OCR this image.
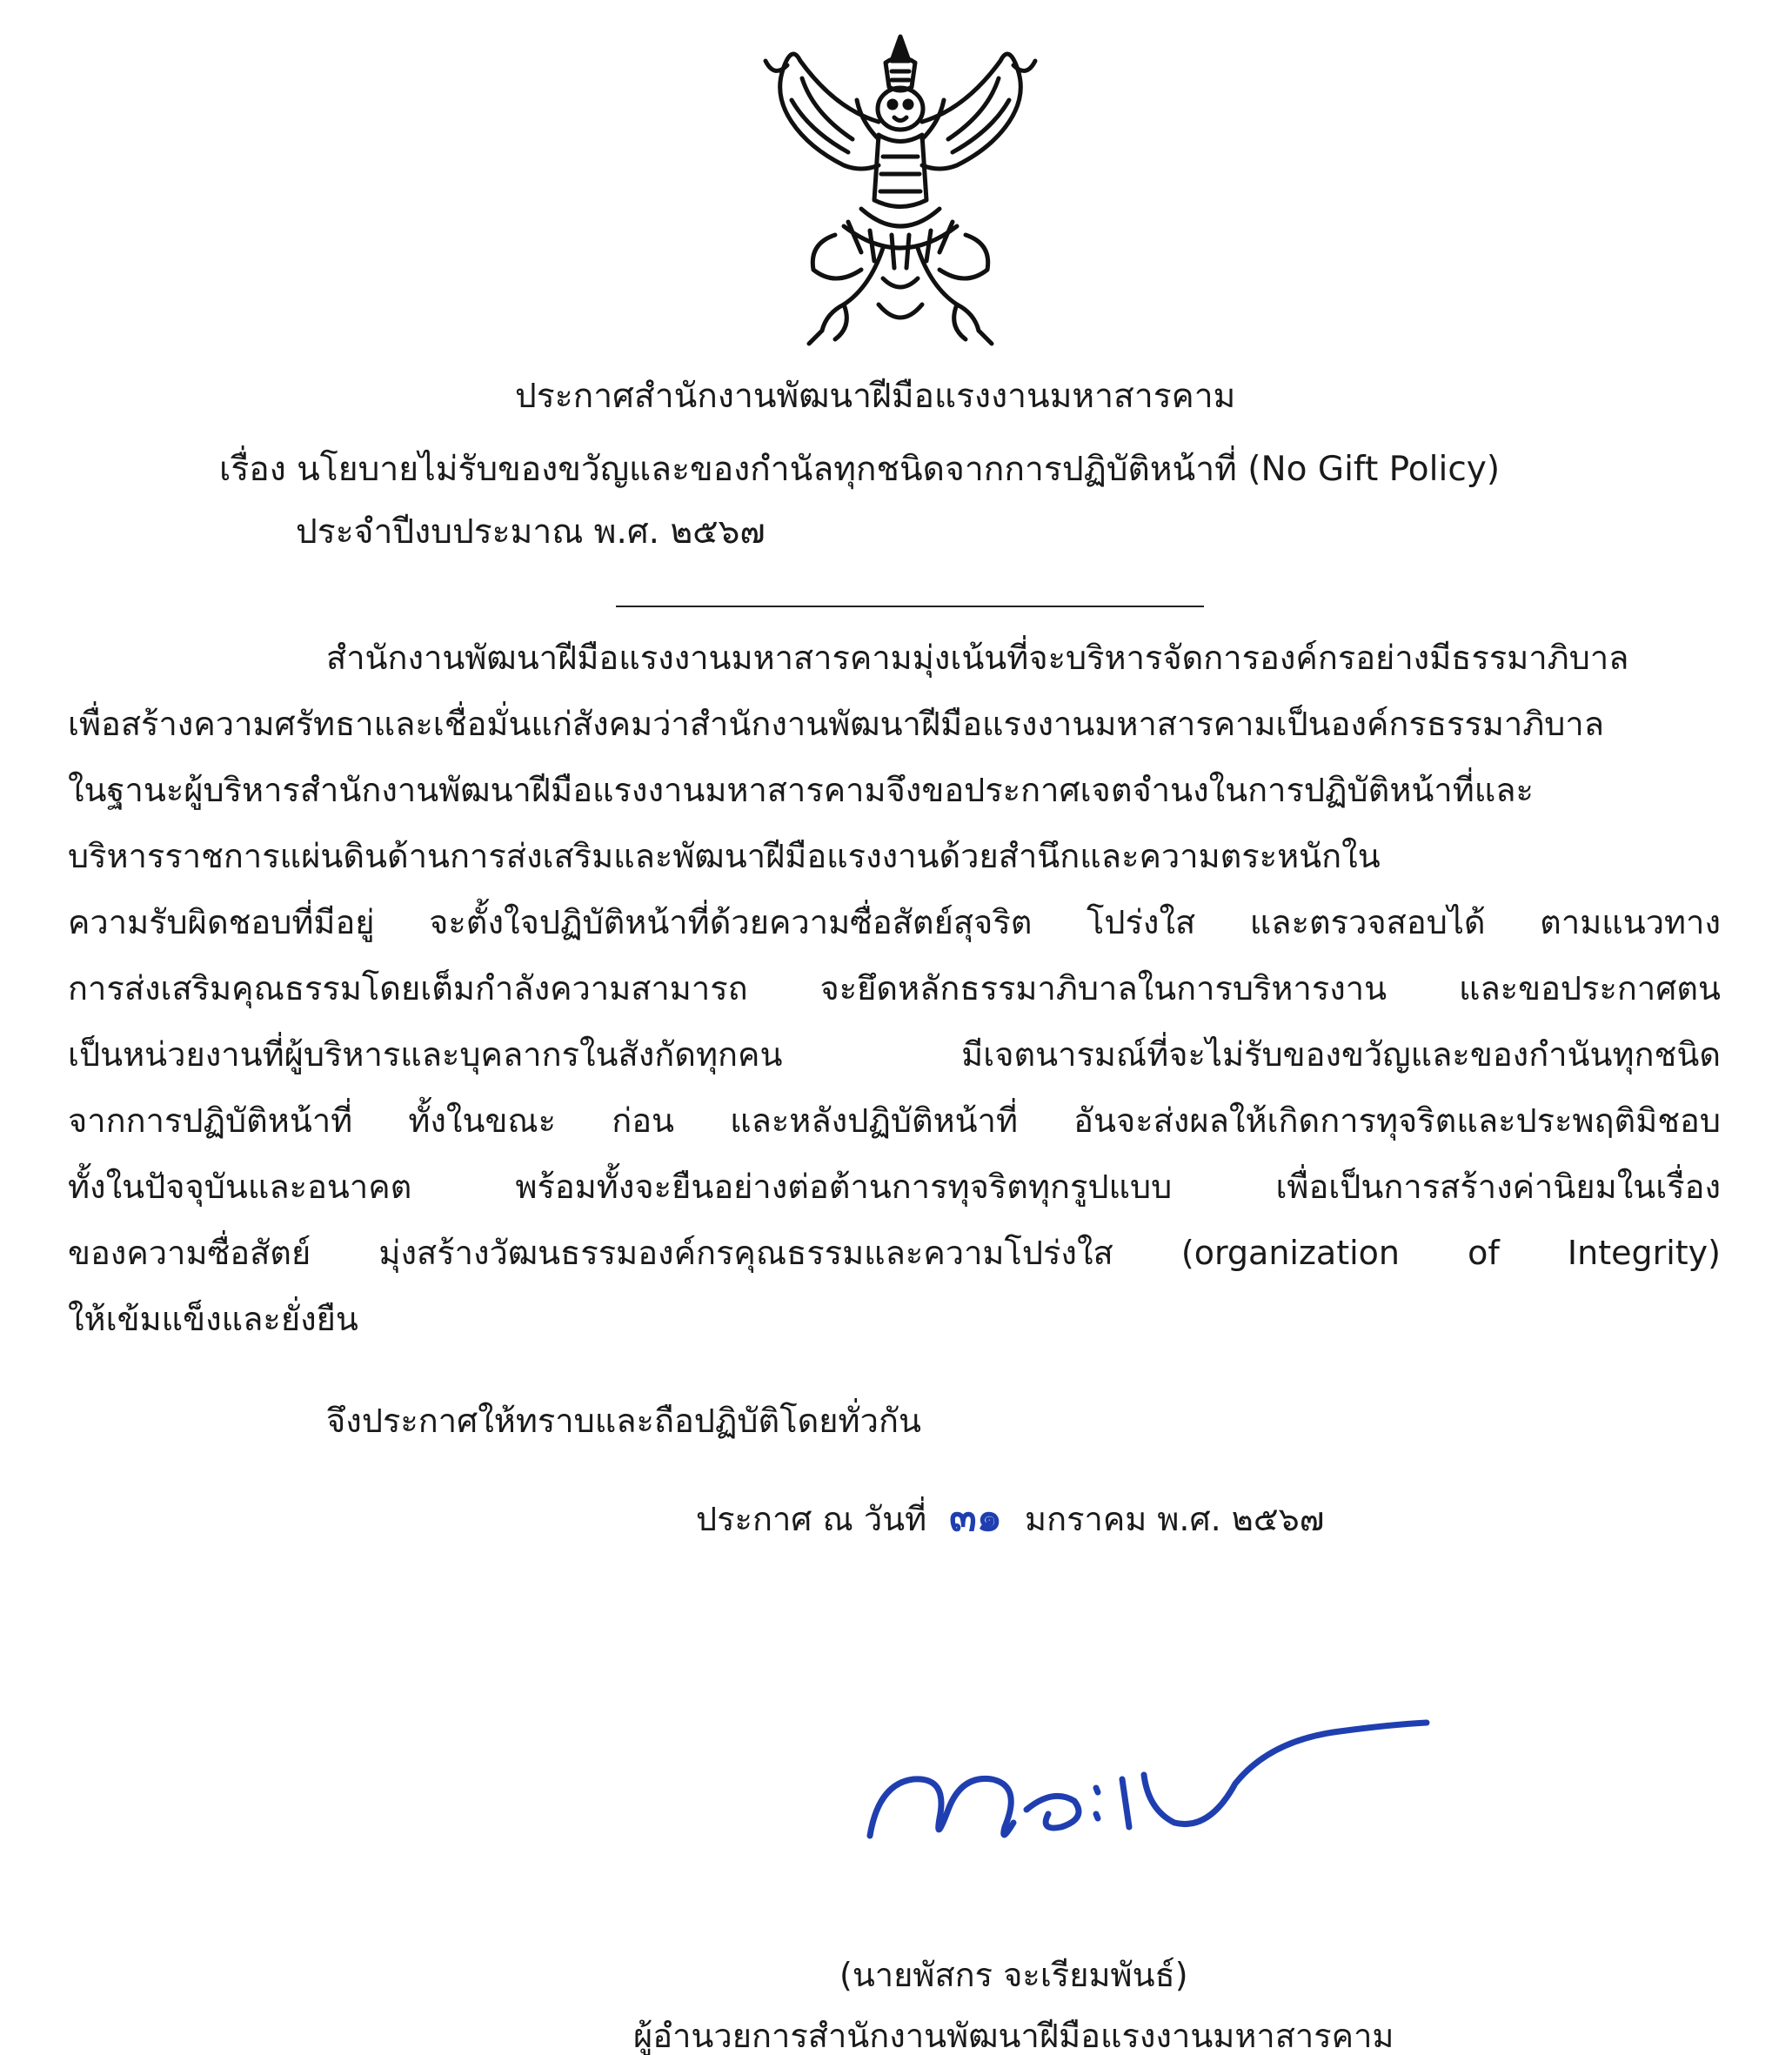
ประกาศสำนักงานพัฒนาฝีมือแรงงานมหาสารคาม
เรื่อง นโยบายไม่รับของขวัญและของกำนัลทุกชนิดจากการปฏิบัติหน้าที่ (No Gift Policy)
ประจำปีงบประมาณ พ.ศ. ๒๕๖๗
สำนักงานพัฒนาฝีมือแรงงานมหาสารคามมุ่งเน้นที่จะบริหารจัดการองค์กรอย่างมีธรรมาภิบาล
เพื่อสร้างความศรัทธาและเชื่อมั่นแก่สังคมว่าสำนักงานพัฒนาฝีมือแรงงานมหาสารคามเป็นองค์กรธรรมาภิบาล
ในฐานะผู้บริหารสำนักงานพัฒนาฝีมือแรงงานมหาสารคามจึงขอประกาศเจตจำนงในการปฏิบัติหน้าที่และ
บริหารราชการแผ่นดินด้านการส่งเสริมและพัฒนาฝีมือแรงงานด้วยสำนึกและความตระหนักใน
ความรับผิดชอบที่มีอยู่ จะตั้งใจปฏิบัติหน้าที่ด้วยความซื่อสัตย์สุจริต โปร่งใส และตรวจสอบได้ ตามแนวทาง
การส่งเสริมคุณธรรมโดยเต็มกำลังความสามารถ จะยึดหลักธรรมาภิบาลในการบริหารงาน และขอประกาศตน
เป็นหน่วยงานที่ผู้บริหารและบุคลากรในสังกัดทุกคน มีเจตนารมณ์ที่จะไม่รับของขวัญและของกำนันทุกชนิด
จากการปฏิบัติหน้าที่ ทั้งในขณะ ก่อน และหลังปฏิบัติหน้าที่ อันจะส่งผลให้เกิดการทุจริตและประพฤติมิชอบ
ทั้งในปัจจุบันและอนาคต พร้อมทั้งจะยืนอย่างต่อต้านการทุจริตทุกรูปแบบ เพื่อเป็นการสร้างค่านิยมในเรื่อง
ของความซื่อสัตย์ มุ่งสร้างวัฒนธรรมองค์กรคุณธรรมและความโปร่งใส (organization of Integrity)
ให้เข้มแข็งและยั่งยืน
จึงประกาศให้ทราบและถือปฏิบัติโดยทั่วกัน
ประกาศ ณ วันที่ ๓๑ มกราคม พ.ศ. ๒๕๖๗
(นายพัสกร จะเรียมพันธ์)
ผู้อำนวยการสำนักงานพัฒนาฝีมือแรงงานมหาสารคาม
